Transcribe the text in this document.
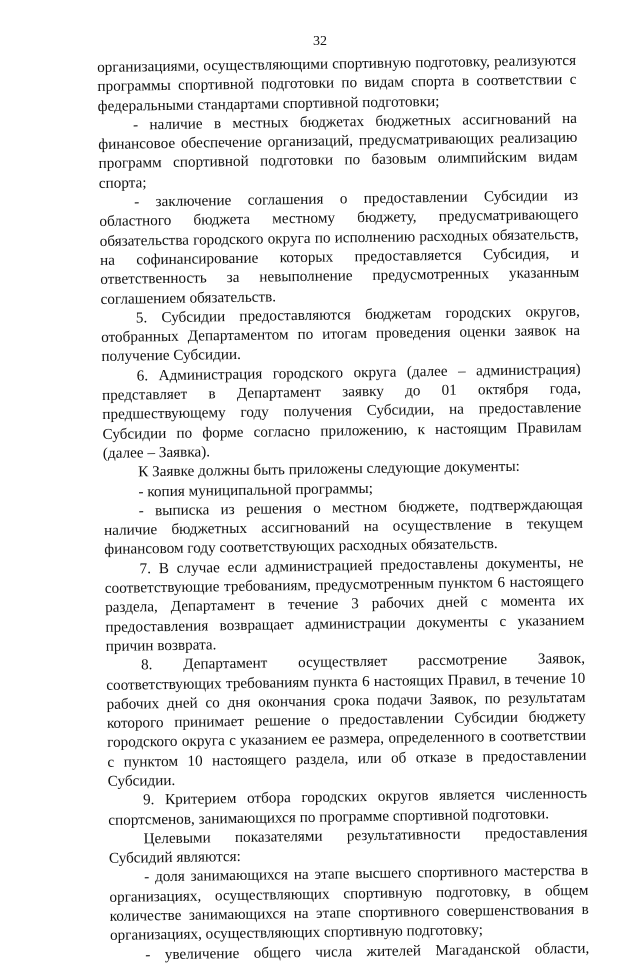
32

организациями, осуществляющими спортивную подготовку, реализуются программы спортивной подготовки по видам спорта в соответствии с федеральными стандартами спортивной подготовки;

- наличие в местных бюджетах бюджетных ассигнований на финансовое обеспечение организаций, предусматривающих реализацию программ спортивной подготовки по базовым олимпийским видам спорта;

- заключение соглашения о предоставлении Субсидии из областного бюджета местному бюджету, предусматривающего обязательства городского округа по исполнению расходных обязательств, на софинансирование которых предоставляется Субсидия, и ответственность за невыполнение предусмотренных указанным соглашением обязательств.

5. Субсидии предоставляются бюджетам городских округов, отобранных Департаментом по итогам проведения оценки заявок на получение Субсидии.

6. Администрация городского округа (далее – администрация) представляет в Департамент заявку до 01 октября года, предшествующему году получения Субсидии, на предоставление Субсидии по форме согласно приложению, к настоящим Правилам (далее – Заявка).

К Заявке должны быть приложены следующие документы:

- копия муниципальной программы;

- выписка из решения о местном бюджете, подтверждающая наличие бюджетных ассигнований на осуществление в текущем финансовом году соответствующих расходных обязательств.

7. В случае если администрацией предоставлены документы, не соответствующие требованиям, предусмотренным пунктом 6 настоящего раздела, Департамент в течение 3 рабочих дней с момента их предоставления возвращает администрации документы с указанием причин возврата.

8. Департамент осуществляет рассмотрение Заявок, соответствующих требованиям пункта 6 настоящих Правил, в течение 10 рабочих дней со дня окончания срока подачи Заявок, по результатам которого принимает решение о предоставлении Субсидии бюджету городского округа с указанием ее размера, определенного в соответствии с пунктом 10 настоящего раздела, или об отказе в предоставлении Субсидии.

9. Критерием отбора городских округов является численность спортсменов, занимающихся по программе спортивной подготовки.

Целевыми показателями результативности предоставления Субсидий являются:

- доля занимающихся на этапе высшего спортивного мастерства в организациях, осуществляющих спортивную подготовку, в общем количестве занимающихся на этапе спортивного совершенствования в организациях, осуществляющих спортивную подготовку;

- увеличение общего числа жителей Магаданской области,
